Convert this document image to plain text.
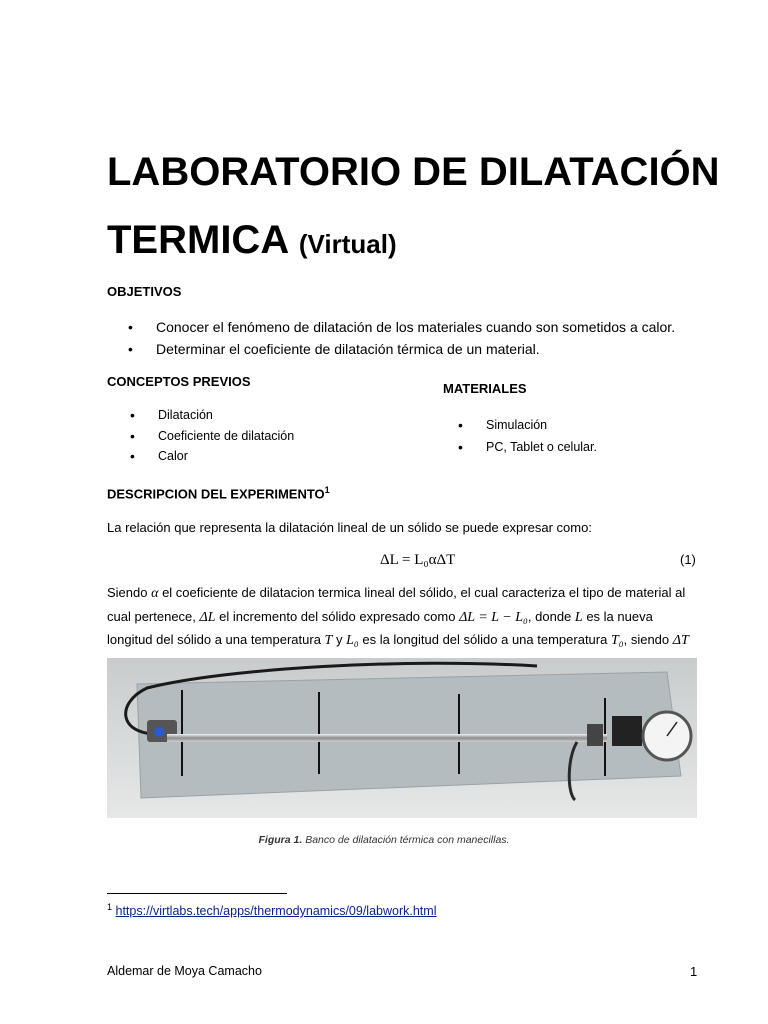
LABORATORIO DE DILATACIÓN
TERMICA (Virtual)
OBJETIVOS
• Conocer el fenómeno de dilatación de los materiales cuando son sometidos a calor.
• Determinar el coeficiente de dilatación térmica de un material.
CONCEPTOS PREVIOS
• Dilatación
• Coeficiente de dilatación
• Calor
MATERIALES
• Simulación
• PC, Tablet o celular.
DESCRIPCION DEL EXPERIMENTO$^1$

La relación que representa la dilatación lineal de un sólido se puede expresar como:

ΔL = L₀αΔT	(1)

Siendo α el coeficiente de dilatacion termica lineal del sólido, el cual caracteriza el tipo de material al cual pertenece, ΔL el incremento del sólido expresado como ΔL = L − L₀, donde L es la nueva longitud del sólido a una temperatura T y L₀ es la longitud del sólido a una temperatura T₀, siendo ΔT

Figura 1. Banco de dilatación térmica con manecillas.
$^1$ https://virtlabs.tech/apps/thermodynamics/09/labwork.html
Aldemar de Moya Camacho	1
